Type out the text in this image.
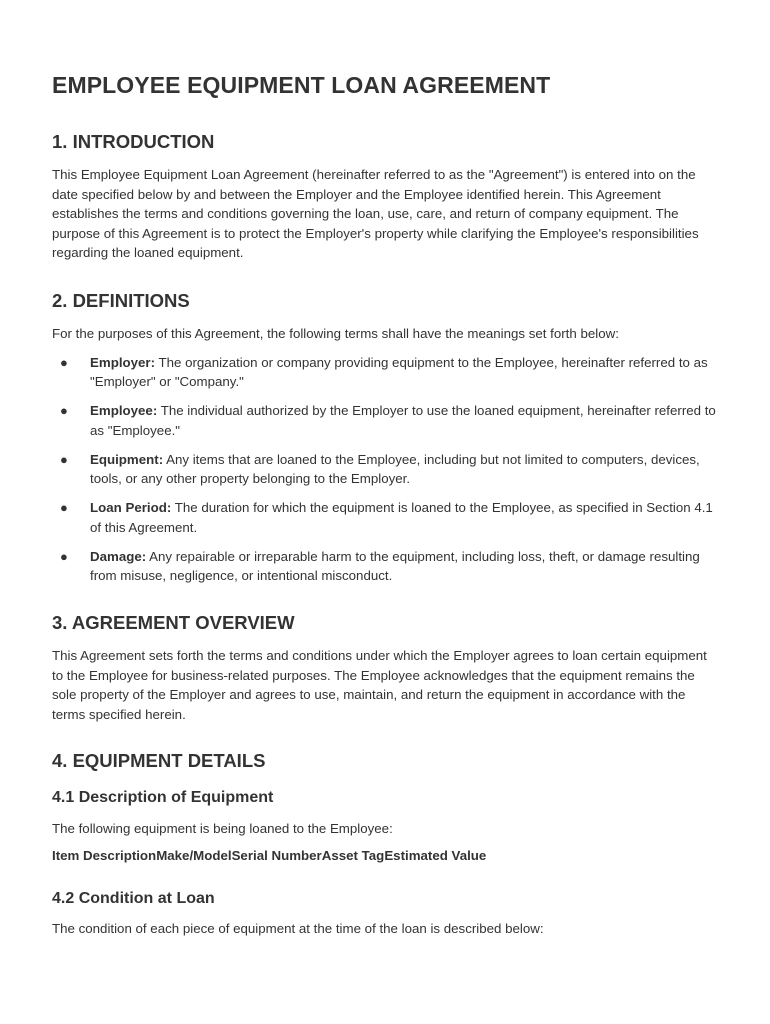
EMPLOYEE EQUIPMENT LOAN AGREEMENT
1. INTRODUCTION

This Employee Equipment Loan Agreement (hereinafter referred to as the "Agreement") is entered into on the date specified below by and between the Employer and the Employee identified herein. This Agreement establishes the terms and conditions governing the loan, use, care, and return of company equipment. The purpose of this Agreement is to protect the Employer's property while clarifying the Employee's responsibilities regarding the loaned equipment.

2. DEFINITIONS

For the purposes of this Agreement, the following terms shall have the meanings set forth below:

● Employer: The organization or company providing equipment to the Employee, hereinafter referred to as "Employer" or "Company."
● Employee: The individual authorized by the Employer to use the loaned equipment, hereinafter referred to as "Employee."
● Equipment: Any items that are loaned to the Employee, including but not limited to computers, devices, tools, or any other property belonging to the Employer.
● Loan Period: The duration for which the equipment is loaned to the Employee, as specified in Section 4.1 of this Agreement.
● Damage: Any repairable or irreparable harm to the equipment, including loss, theft, or damage resulting from misuse, negligence, or intentional misconduct.
3. AGREEMENT OVERVIEW

This Agreement sets forth the terms and conditions under which the Employer agrees to loan certain equipment to the Employee for business-related purposes. The Employee acknowledges that the equipment remains the sole property of the Employer and agrees to use, maintain, and return the equipment in accordance with the terms specified herein.

4. EQUIPMENT DETAILS
4.1 Description of Equipment

The following equipment is being loaned to the Employee:

Item Description Make/Model Serial Number Asset Tag Estimated Value
4.2 Condition at Loan

The condition of each piece of equipment at the time of the loan is described below:
